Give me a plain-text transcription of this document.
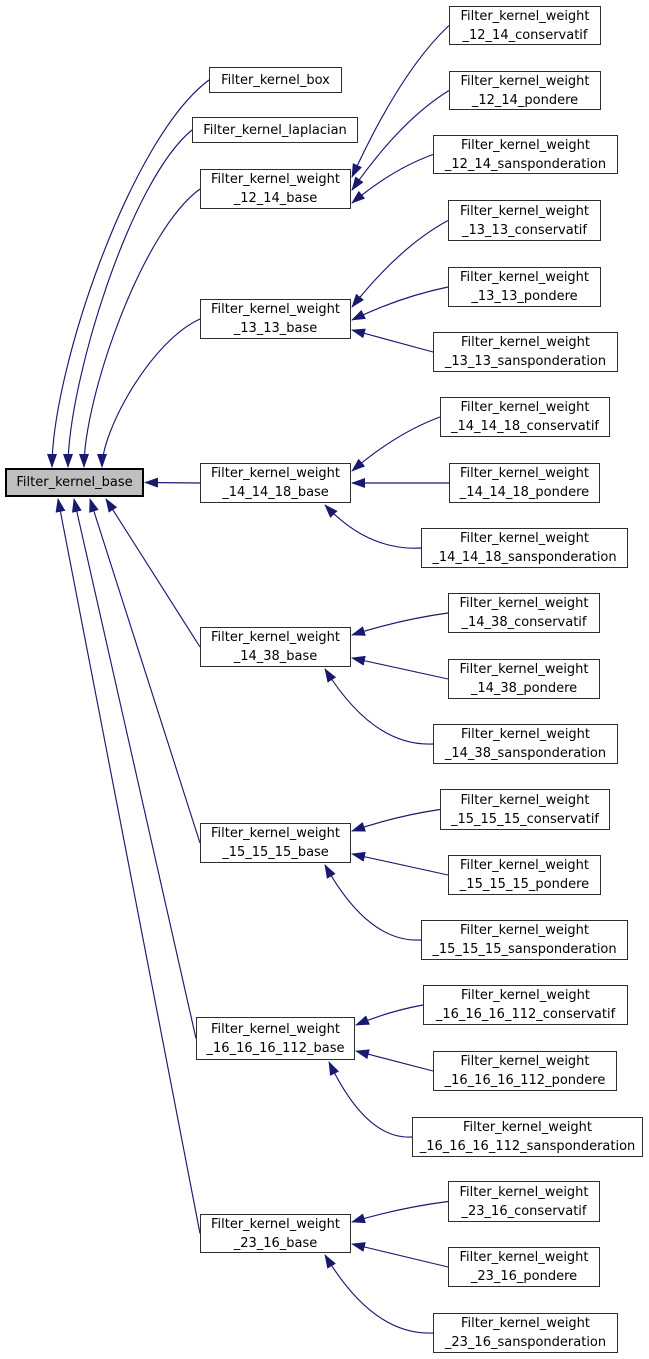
Filter_kernel_base
Filter_kernel_box
Filter_kernel_laplacian
Filter_kernel_weight
_12_14_base
Filter_kernel_weight
_12_14_conservatif
Filter_kernel_weight
_12_14_pondere
Filter_kernel_weight
_12_14_sansponderation
Filter_kernel_weight
_13_13_base
Filter_kernel_weight
_13_13_conservatif
Filter_kernel_weight
_13_13_pondere
Filter_kernel_weight
_13_13_sansponderation
Filter_kernel_weight
_14_14_18_base
Filter_kernel_weight
_14_14_18_conservatif
Filter_kernel_weight
_14_14_18_pondere
Filter_kernel_weight
_14_14_18_sansponderation
Filter_kernel_weight
_14_38_base
Filter_kernel_weight
_14_38_conservatif
Filter_kernel_weight
_14_38_pondere
Filter_kernel_weight
_14_38_sansponderation
Filter_kernel_weight
_15_15_15_base
Filter_kernel_weight
_15_15_15_conservatif
Filter_kernel_weight
_15_15_15_pondere
Filter_kernel_weight
_15_15_15_sansponderation
Filter_kernel_weight
_16_16_16_112_base
Filter_kernel_weight
_16_16_16_112_conservatif
Filter_kernel_weight
_16_16_16_112_pondere
Filter_kernel_weight
_16_16_16_112_sansponderation
Filter_kernel_weight
_23_16_base
Filter_kernel_weight
_23_16_conservatif
Filter_kernel_weight
_23_16_pondere
Filter_kernel_weight
_23_16_sansponderation
